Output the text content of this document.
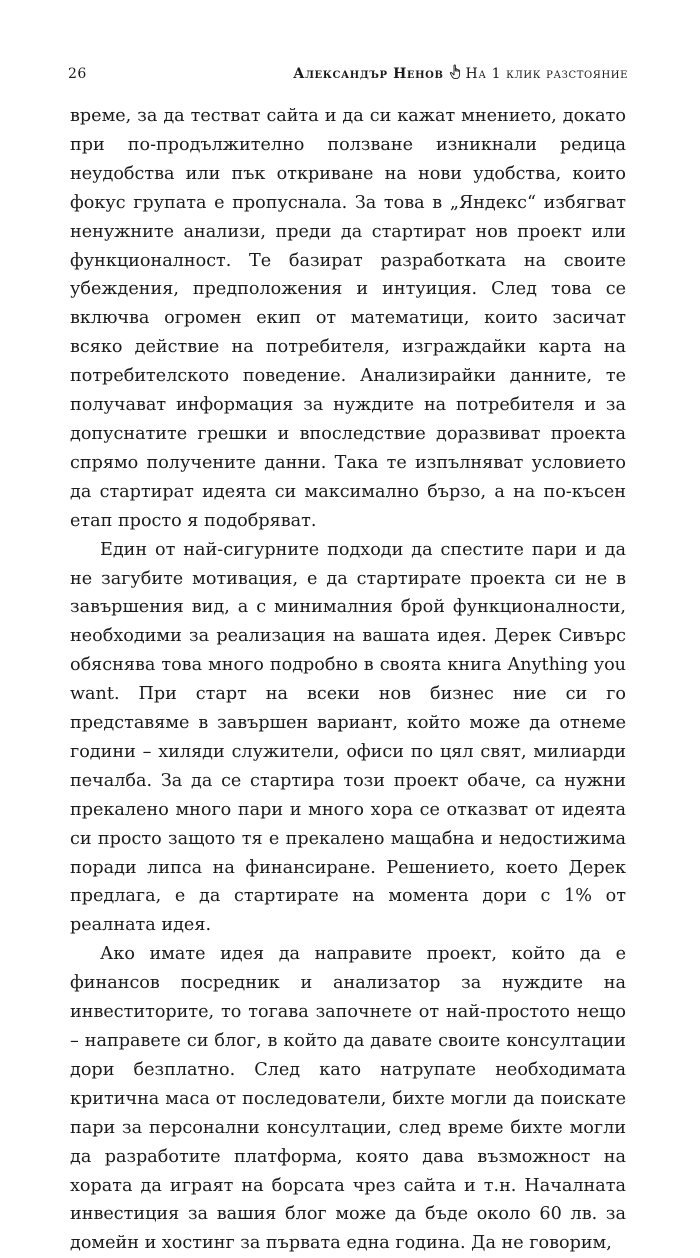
26	Александър Ненов На 1 клик разстояние

време, за да тестват сайта и да си кажат мнението, докато при по-продължително ползване изникнали редица неудобства или пък откриване на нови удобства, които фокус групата е пропуснала. За това в „Яндекс“ избягват ненужните анализи, преди да стартират нов проект или функционалност. Те базират разработката на своите убеждения, предположения и интуиция. След това се включва огромен екип от математици, които засичат всяко действие на потребителя, изграждайки карта на потребителското поведение. Анализирайки данните, те получават информация за нуждите на потребителя и за допуснатите грешки и впоследствие доразвиват проекта спрямо получените данни. Така те изпълняват условието да стартират идеята си максимално бързо, а на по-късен етап просто я подобряват.

Един от най-сигурните подходи да спестите пари и да не загубите мотивация, е да стартирате проекта си не в завършения вид, а с минималния брой функционалности, необходими за реализация на вашата идея. Дерек Сивърс обяснява това много подробно в своята книга Anything you want. При старт на всеки нов бизнес ние си го представяме в завършен вариант, който може да отнеме години – хиляди служители, офиси по цял свят, милиарди печалба. За да се стартира този проект обаче, са нужни прекалено много пари и много хора се отказват от идеята си просто защото тя е прекалено мащабна и недостижима поради липса на финансиране. Решението, което Дерек предлага, е да стартирате на момента дори с 1% от реалната идея.

Ако имате идея да направите проект, който да е финансов посредник и анализатор за нуждите на инвеститорите, то тогава започнете от най-простото нещо – направете си блог, в който да давате своите консултации дори безплатно. След като натрупате необходимата критична маса от последователи, бихте могли да поискате пари за персонални консултации, след време бихте могли да разработите платформа, която дава възможност на хората да играят на борсата чрез сайта и т.н. Началната инвестиция за вашия блог може да бъде около 60 лв. за домейн и хостинг за първата една година. Да не говорим,
